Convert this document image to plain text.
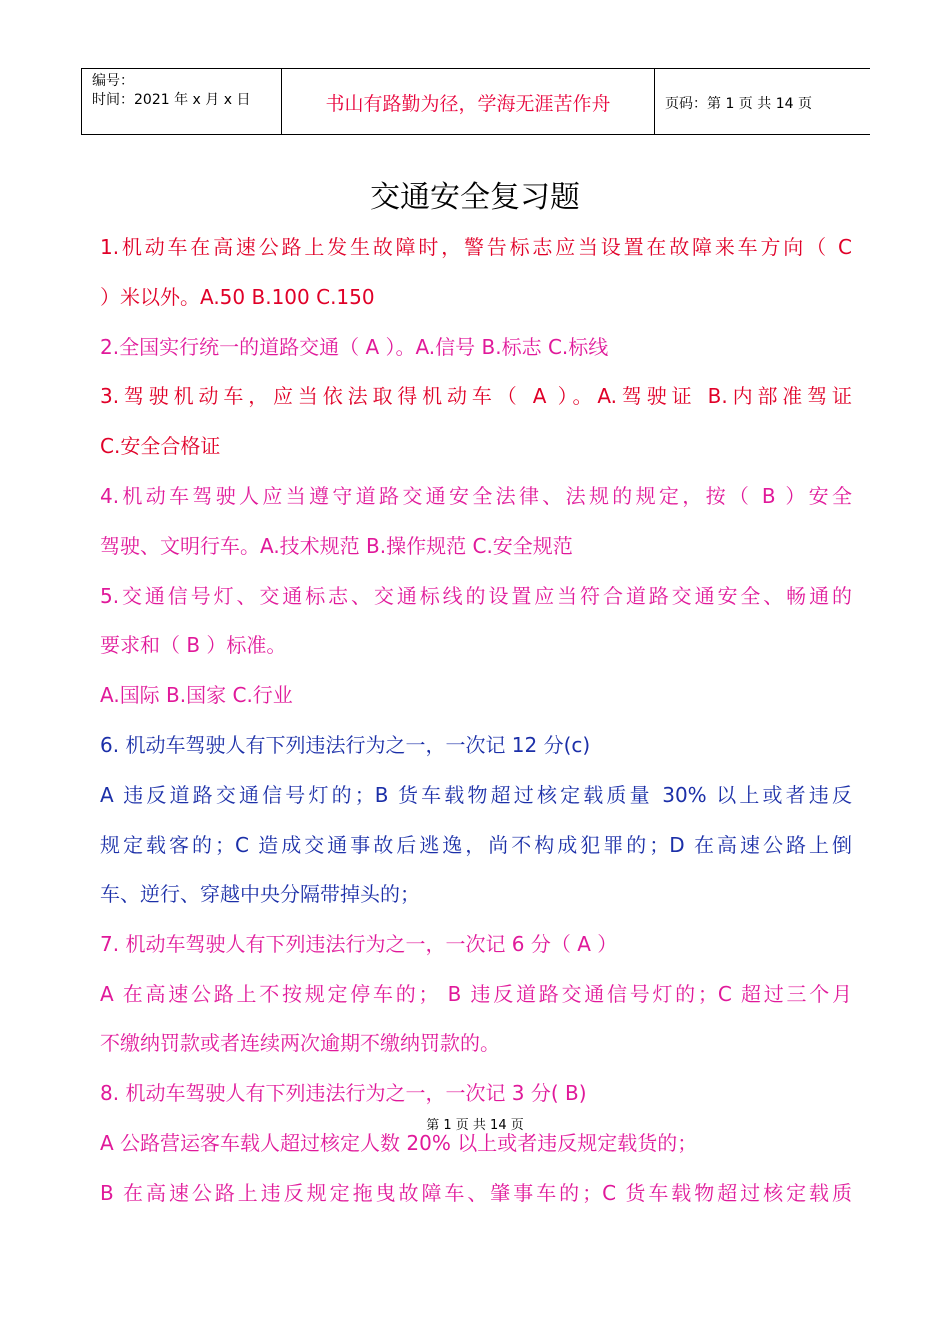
编号：
时间：2021 年 x 月 x 日	书山有路勤为径，学海无涯苦作舟	页码：第 1 页 共 14 页
交通安全复习题
1.机动车在高速公路上发生故障时，警告标志应当设置在故障来车方向（ C
）米以外。A.50 B.100 C.150
2.全国实行统一的道路交通（ A ）。A.信号 B.标志 C.标线
3.驾驶机动车，应当依法取得机动车（ A ）。A.驾驶证 B.内部准驾证
C.安全合格证
4.机动车驾驶人应当遵守道路交通安全法律、法规的规定，按（ B ）安全
驾驶、文明行车。A.技术规范 B.操作规范 C.安全规范
5.交通信号灯、交通标志、交通标线的设置应当符合道路交通安全、畅通的
要求和（ B ）标准。
A.国际 B.国家 C.行业
6. 机动车驾驶人有下列违法行为之一，一次记 12 分(c)
A 违反道路交通信号灯的；B 货车载物超过核定载质量 30% 以上或者违反
规定载客的；C 造成交通事故后逃逸，尚不构成犯罪的；D 在高速公路上倒
车、逆行、穿越中央分隔带掉头的；
7. 机动车驾驶人有下列违法行为之一，一次记 6 分（ A ）
A 在高速公路上不按规定停车的； B 违反道路交通信号灯的；C 超过三个月
不缴纳罚款或者连续两次逾期不缴纳罚款的。
8. 机动车驾驶人有下列违法行为之一，一次记 3 分( B)
A 公路营运客车载人超过核定人数 20% 以上或者违反规定载货的；
B 在高速公路上违反规定拖曳故障车、肇事车的；C 货车载物超过核定载质
第 1 页 共 14 页
